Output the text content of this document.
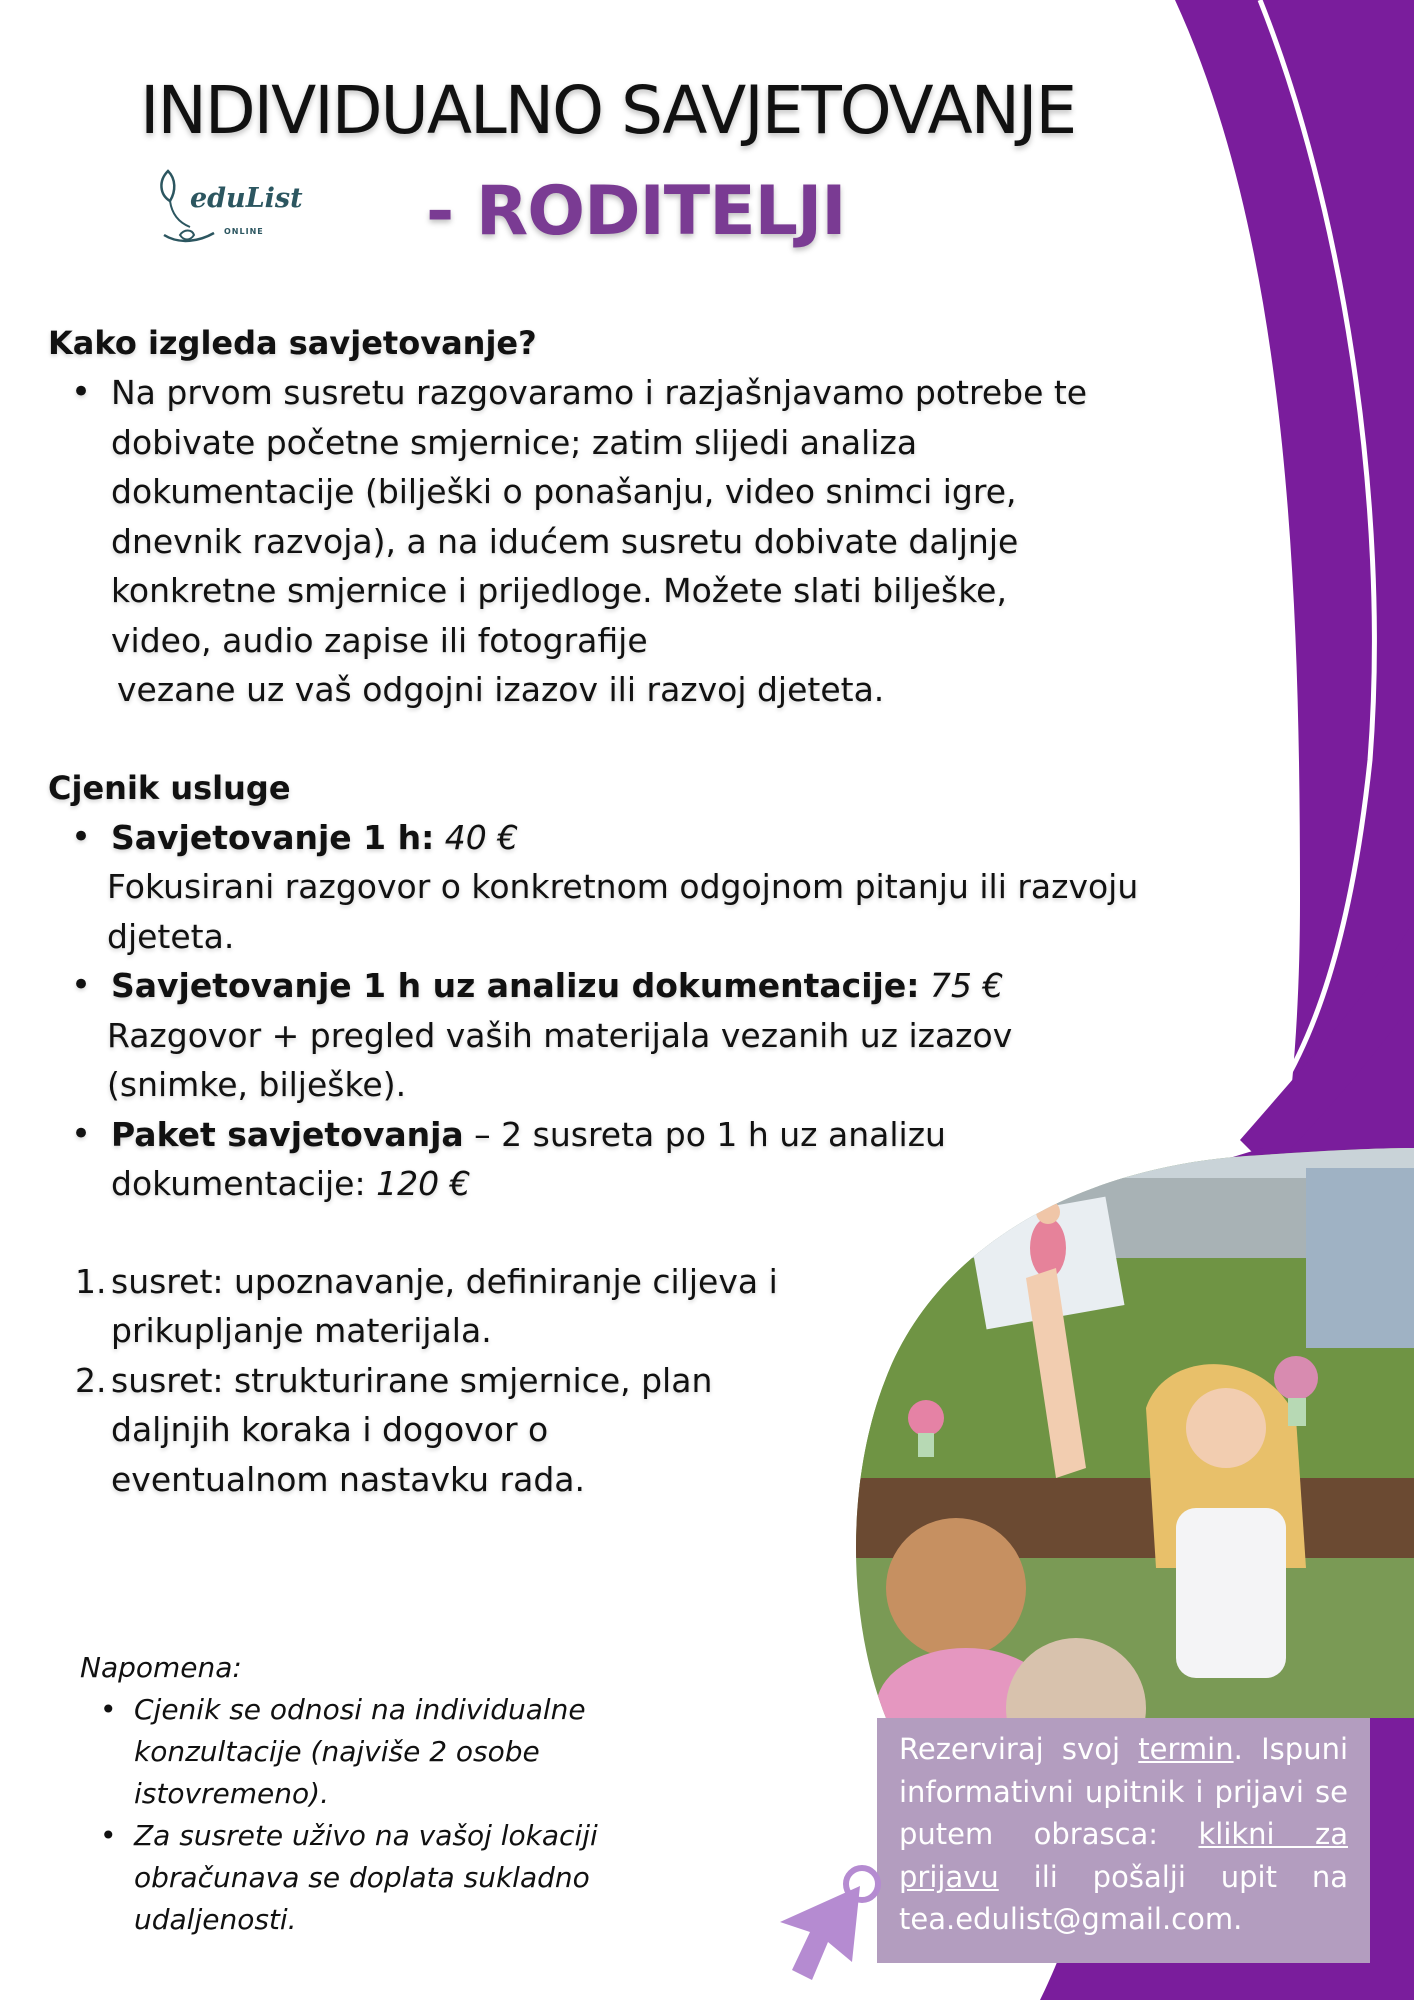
INDIVIDUALNO SAVJETOVANJE
eduList
ONLINE - RODITELJI

Kako izgleda savjetovanje?

• Na prvom susretu razgovaramo i razjašnjavamo potrebe te
dobivate početne smjernice; zatim slijedi analiza
dokumentacije (bilješki o ponašanju, video snimci igre,
dnevnik razvoja), a na idućem susretu dobivate daljnje
konkretne smjernice i prijedloge. Možete slati bilješke,
video, audio zapise ili fotografije
vezane uz vaš odgojni izazov ili razvoj djeteta.

Cjenik usluge

• Savjetovanje 1 h: 40 €
Fokusirani razgovor o konkretnom odgojnom pitanju ili razvoju
djeteta.
• Savjetovanje 1 h uz analizu dokumentacije: 75 €
Razgovor + pregled vaših materijala vezanih uz izazov
(snimke, bilješke).
• Paket savjetovanja – 2 susreta po 1 h uz analizu
dokumentacije: 120 €
1. susret: upoznavanje, definiranje ciljeva i
prikupljanje materijala.
2. susret: strukturirane smjernice, plan
daljnjih koraka i dogovor o
eventualnom nastavku rada.
Napomena:
• Cjenik se odnosi na individualne konzultacije (najviše 2 osobe istovremeno).
• Za susrete uživo na vašoj lokaciji obračunava se doplata sukladno udaljenosti.
Rezerviraj svoj termin. Ispuni informativni upitnik i prijavi se putem obrasca: klikni za prijavu ili pošalji upit na tea.edulist@gmail.com.
